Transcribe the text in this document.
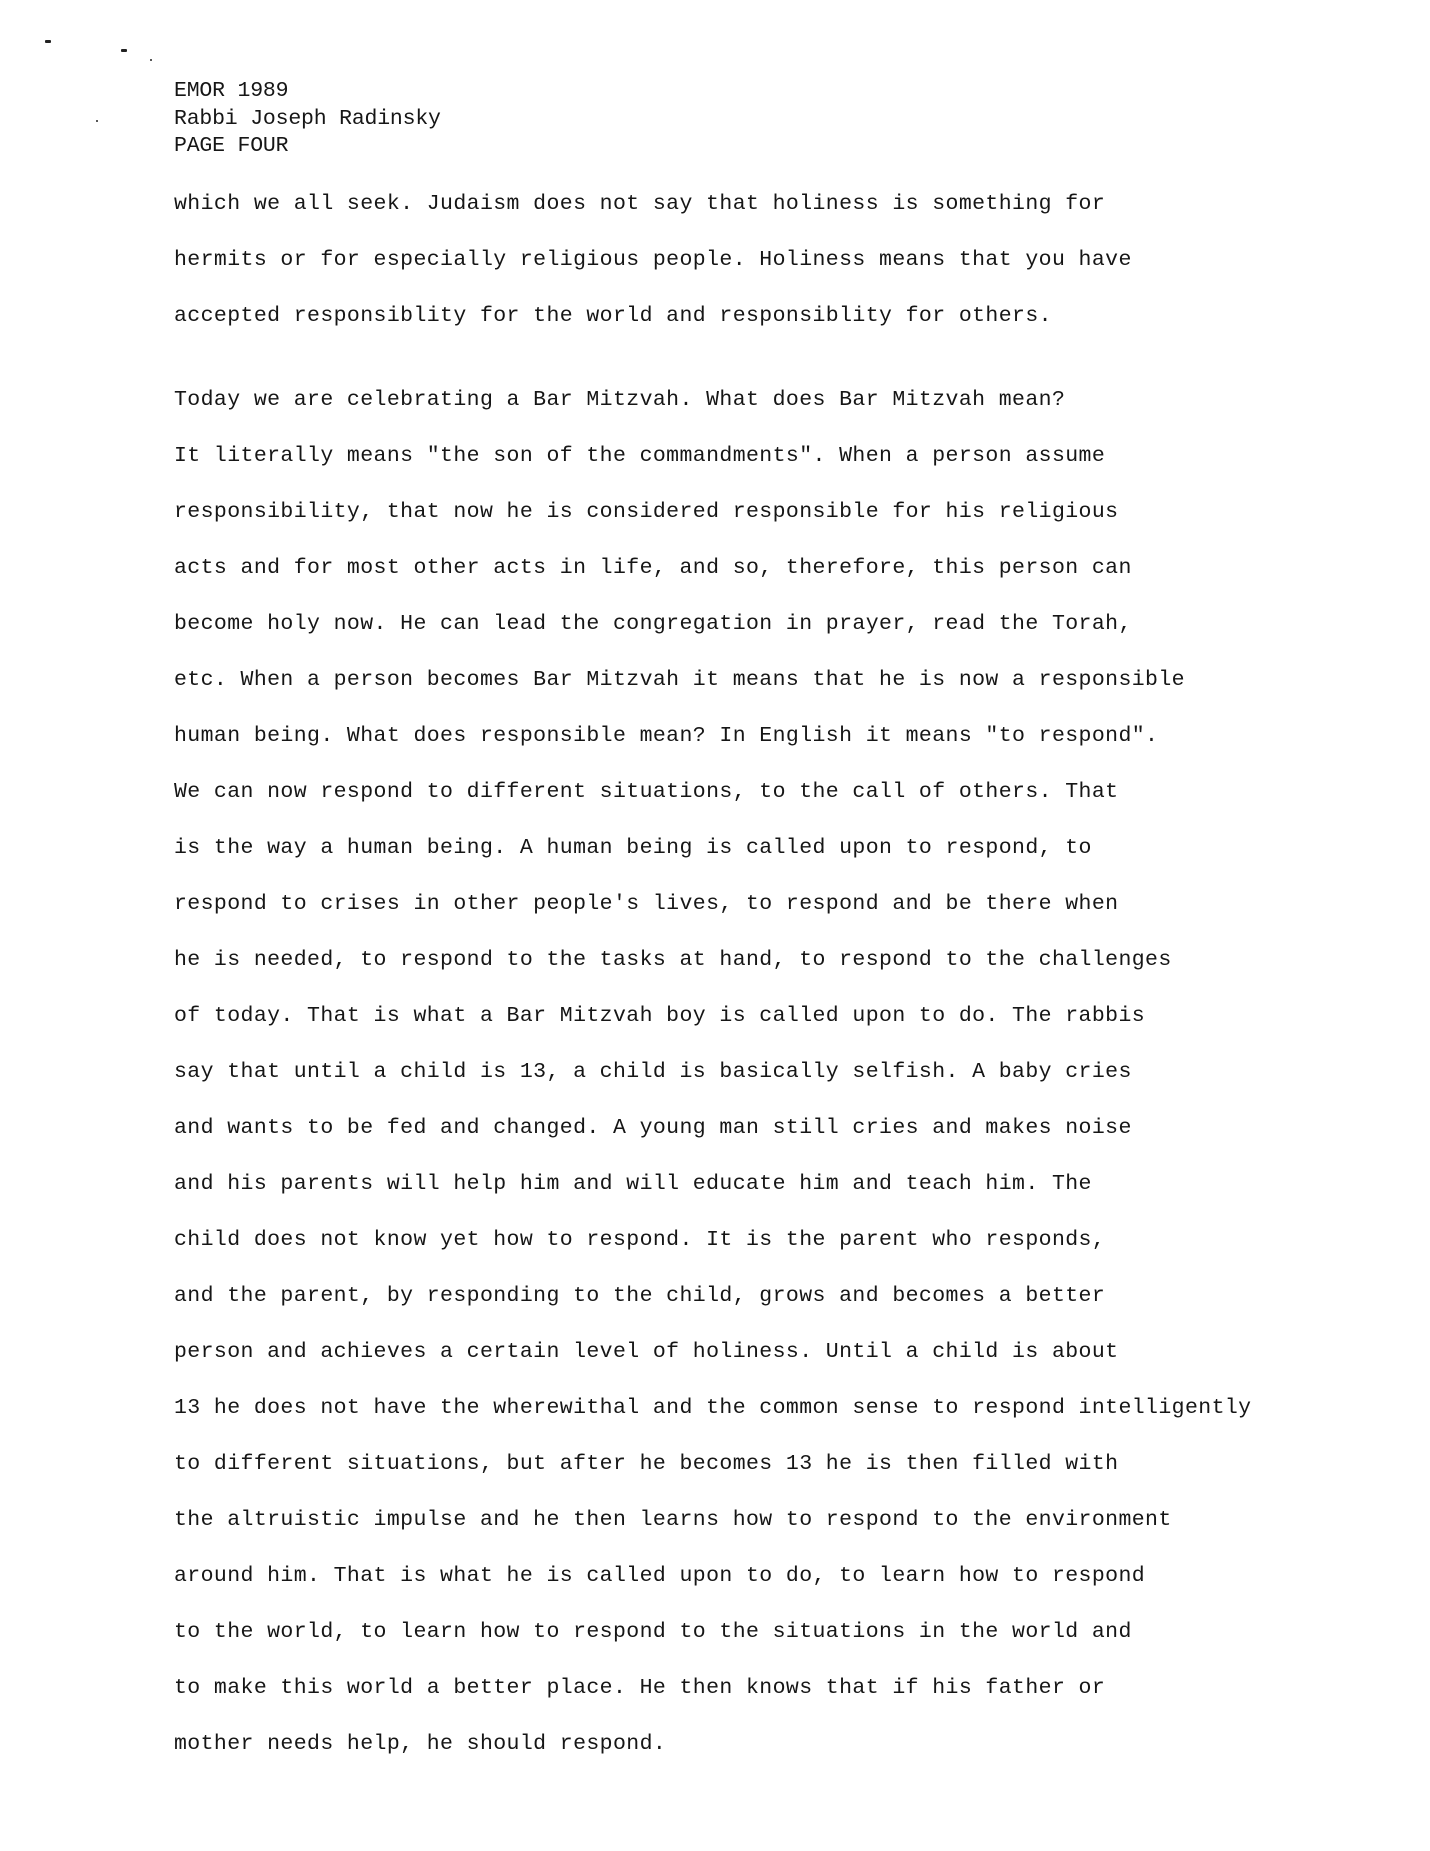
EMOR 1989
Rabbi Joseph Radinsky
PAGE FOUR
which we all seek. Judaism does not say that holiness is something for
hermits or for especially religious people. Holiness means that you have
accepted responsiblity for the world and responsiblity for others.
Today we are celebrating a Bar Mitzvah. What does Bar Mitzvah mean?
It literally means "the son of the commandments". When a person assume
responsibility, that now he is considered responsible for his religious
acts and for most other acts in life, and so, therefore, this person can
become holy now. He can lead the congregation in prayer, read the Torah,
etc. When a person becomes Bar Mitzvah it means that he is now a responsible
human being. What does responsible mean? In English it means "to respond".
We can now respond to different situations, to the call of others. That
is the way a human being. A human being is called upon to respond, to
respond to crises in other people's lives, to respond and be there when
he is needed, to respond to the tasks at hand, to respond to the challenges
of today. That is what a Bar Mitzvah boy is called upon to do. The rabbis
say that until a child is 13, a child is basically selfish. A baby cries
and wants to be fed and changed. A young man still cries and makes noise
and his parents will help him and will educate him and teach him. The
child does not know yet how to respond. It is the parent who responds,
and the parent, by responding to the child, grows and becomes a better
person and achieves a certain level of holiness. Until a child is about
13 he does not have the wherewithal and the common sense to respond intelligently
to different situations, but after he becomes 13 he is then filled with
the altruistic impulse and he then learns how to respond to the environment
around him. That is what he is called upon to do, to learn how to respond
to the world, to learn how to respond to the situations in the world and
to make this world a better place. He then knows that if his father or
mother needs help, he should respond.
